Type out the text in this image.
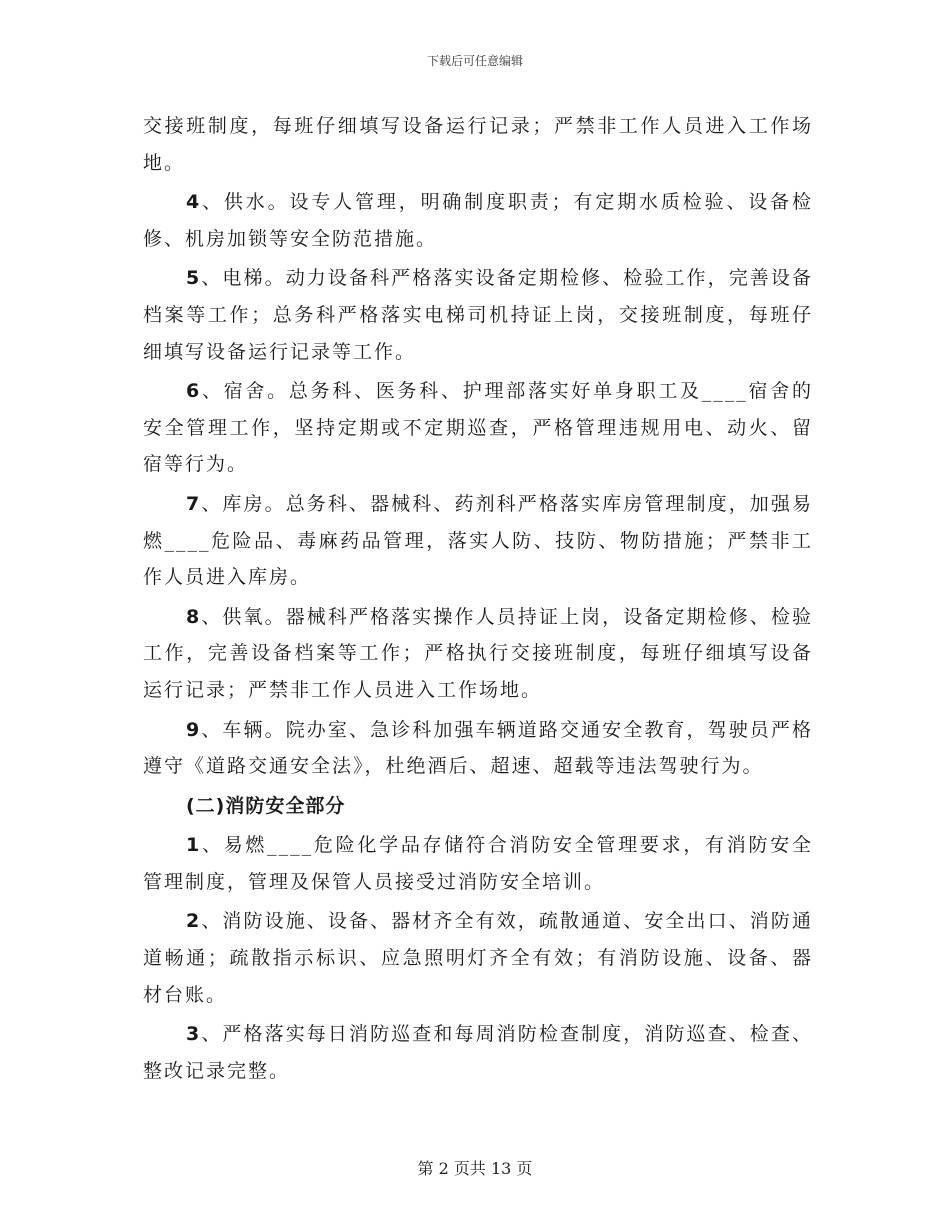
下载后可任意编辑

交接班制度，每班仔细填写设备运行记录；严禁非工作人员进入工作场地。

4、供水。设专人管理，明确制度职责；有定期水质检验、设备检修、机房加锁等安全防范措施。

5、电梯。动力设备科严格落实设备定期检修、检验工作，完善设备档案等工作；总务科严格落实电梯司机持证上岗，交接班制度，每班仔细填写设备运行记录等工作。

6、宿舍。总务科、医务科、护理部落实好单身职工及____宿舍的安全管理工作，坚持定期或不定期巡查，严格管理违规用电、动火、留宿等行为。

7、库房。总务科、器械科、药剂科严格落实库房管理制度，加强易燃____危险品、毒麻药品管理，落实人防、技防、物防措施；严禁非工作人员进入库房。

8、供氧。器械科严格落实操作人员持证上岗，设备定期检修、检验工作，完善设备档案等工作；严格执行交接班制度，每班仔细填写设备运行记录；严禁非工作人员进入工作场地。

9、车辆。院办室、急诊科加强车辆道路交通安全教育，驾驶员严格遵守《道路交通安全法》，杜绝酒后、超速、超载等违法驾驶行为。

(二)消防安全部分

1、易燃____危险化学品存储符合消防安全管理要求，有消防安全管理制度，管理及保管人员接受过消防安全培训。

2、消防设施、设备、器材齐全有效，疏散通道、安全出口、消防通道畅通；疏散指示标识、应急照明灯齐全有效；有消防设施、设备、器材台账。

3、严格落实每日消防巡查和每周消防检查制度，消防巡查、检查、整改记录完整。

第 2 页共 13 页
